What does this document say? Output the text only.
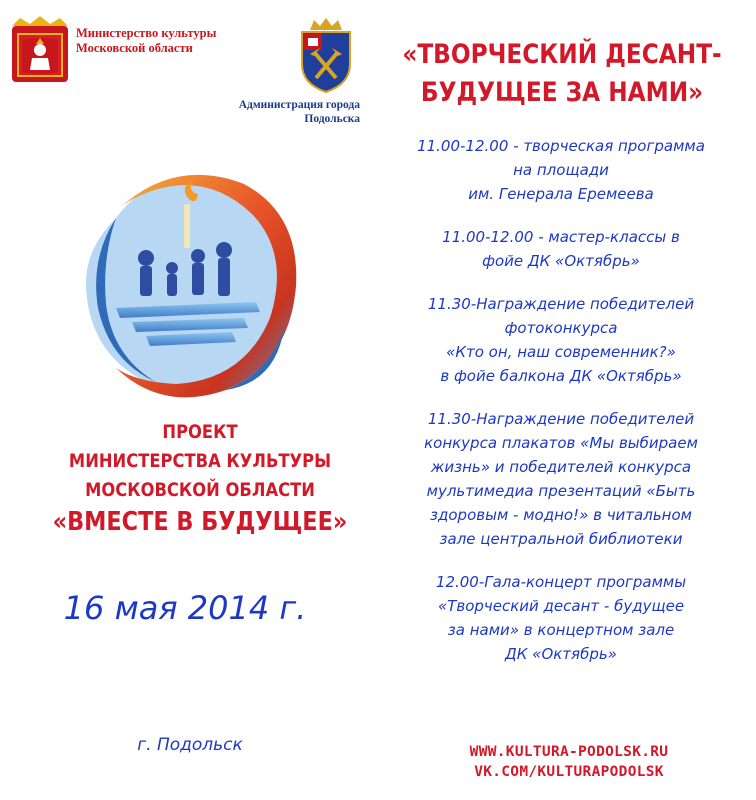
Министерство культуры
Московской области
Администрация города
Подольска
«ТВОРЧЕСКИЙ ДЕСАНТ-
БУДУЩЕЕ ЗА НАМИ»
11.00-12.00 - творческая программа
на площади
им. Генерала Еремеева
11.00-12.00 - мастер-классы в
фойе ДК «Октябрь»
11.30-Награждение победителей
фотоконкурса
«Кто он, наш современник?»
в фойе балкона ДК «Октябрь»
11.30-Награждение победителей
конкурса плакатов «Мы выбираем
жизнь» и победителей конкурса
мультимедиа презентаций «Быть
здоровым - модно!» в читальном
зале центральной библиотеки
12.00-Гала-концерт программы
«Творческий десант - будущее
за нами» в концертном зале
ДК «Октябрь»
ПРОЕКТ
МИНИСТЕРСТВА КУЛЬТУРЫ
МОСКОВСКОЙ ОБЛАСТИ
«ВМЕСТЕ В БУДУЩЕЕ»
16 мая 2014 г.
г. Подольск	WWW.KULTURA-PODOLSK.RU
VK.COM/KULTURAPODOLSK
